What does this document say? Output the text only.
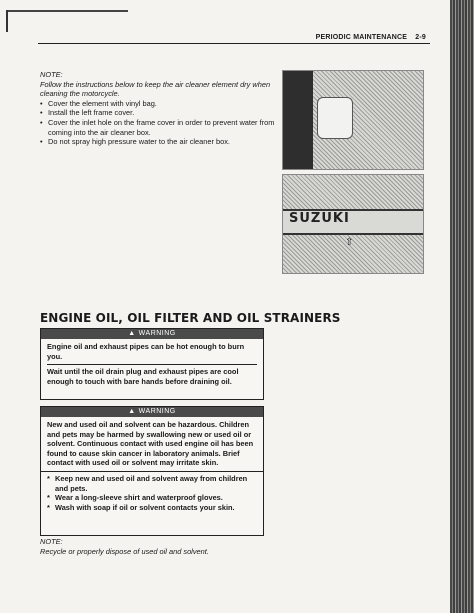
PERIODIC MAINTENANCE 2-9
NOTE:
Follow the instructions below to keep the air cleaner element dry when cleaning the motorcycle.
• Cover the element with vinyl bag.
• Install the left frame cover.
• Cover the inlet hole on the frame cover in order to prevent water from coming into the air cleaner box.
• Do not spray high pressure water to the air cleaner box.
SUZUKI
⇧
ENGINE OIL, OIL FILTER AND OIL STRAINERS
▲ WARNING

Engine oil and exhaust pipes can be hot enough to burn you.

Wait until the oil drain plug and exhaust pipes are cool enough to touch with bare hands before draining oil.

▲ WARNING

New and used oil and solvent can be hazardous. Children and pets may be harmed by swallowing new or used oil or solvent. Continuous contact with used engine oil has been found to cause skin cancer in laboratory animals. Brief contact with used oil or solvent may irritate skin.

* Keep new and used oil and solvent away from children and pets.
* Wear a long-sleeve shirt and waterproof gloves.
* Wash with soap if oil or solvent contacts your skin.
NOTE:
Recycle or properly dispose of used oil and solvent.
